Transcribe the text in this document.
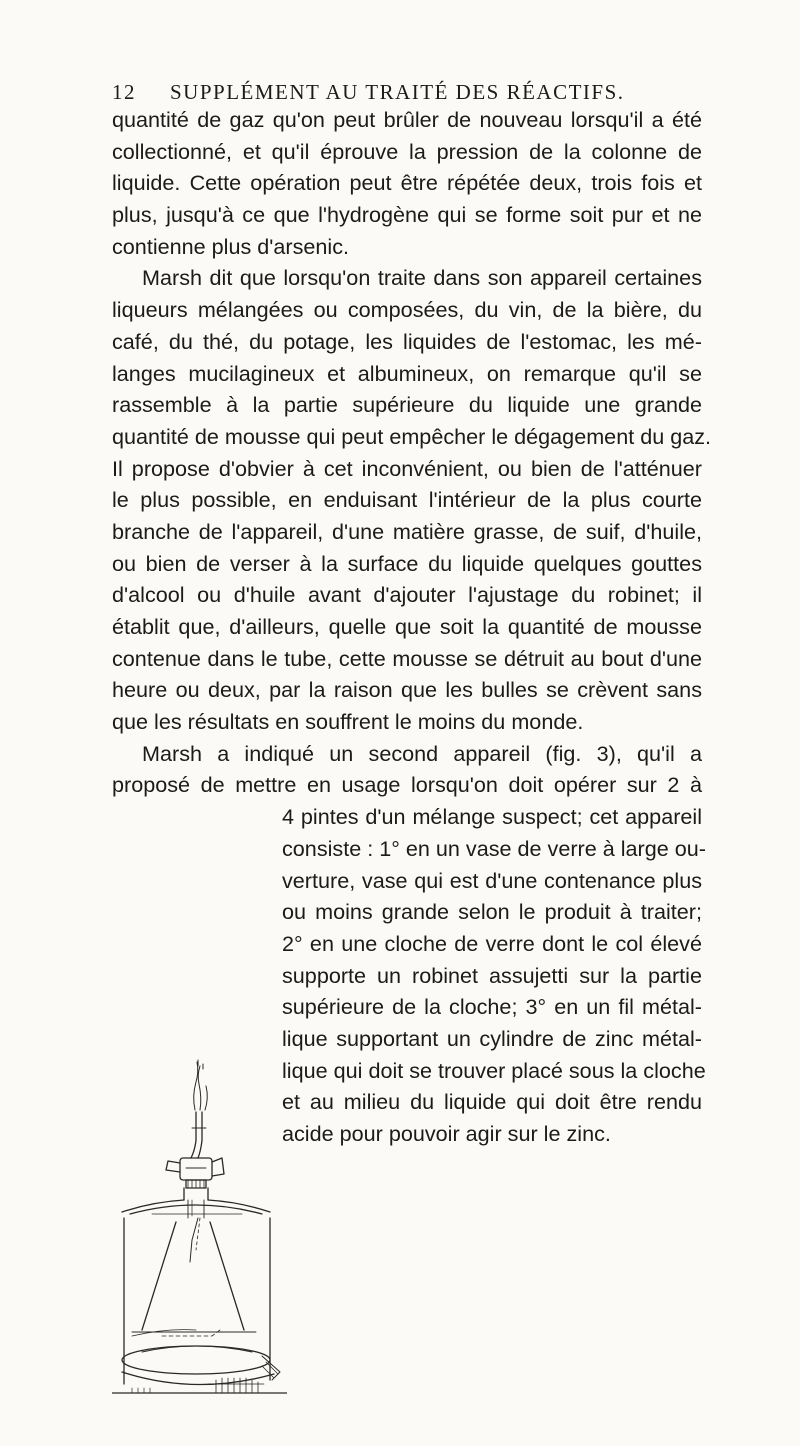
12 SUPPLÉMENT AU TRAITÉ DES RÉACTIFS.
quantité de gaz qu'on peut brûler de nouveau lorsqu'il a été
collectionné, et qu'il éprouve la pression de la colonne de
liquide. Cette opération peut être répétée deux, trois fois et
plus, jusqu'à ce que l'hydrogène qui se forme soit pur et ne
contienne plus d'arsenic.
Marsh dit que lorsqu'on traite dans son appareil certaines
liqueurs mélangées ou composées, du vin, de la bière, du
café, du thé, du potage, les liquides de l'estomac, les mé-
langes mucilagineux et albumineux, on remarque qu'il se
rassemble à la partie supérieure du liquide une grande
quantité de mousse qui peut empêcher le dégagement du gaz.
Il propose d'obvier à cet inconvénient, ou bien de l'atténuer
le plus possible, en enduisant l'intérieur de la plus courte
branche de l'appareil, d'une matière grasse, de suif, d'huile,
ou bien de verser à la surface du liquide quelques gouttes
d'alcool ou d'huile avant d'ajouter l'ajustage du robinet; il
établit que, d'ailleurs, quelle que soit la quantité de mousse
contenue dans le tube, cette mousse se détruit au bout d'une
heure ou deux, par la raison que les bulles se crèvent sans
que les résultats en souffrent le moins du monde.
Marsh a indiqué un second appareil (fig. 3), qu'il a
proposé de mettre en usage lorsqu'on doit opérer sur 2 à
4 pintes d'un mélange suspect; cet appareil
consiste : 1° en un vase de verre à large ou-
verture, vase qui est d'une contenance plus
ou moins grande selon le produit à traiter;
2° en une cloche de verre dont le col élevé
supporte un robinet assujetti sur la partie
supérieure de la cloche; 3° en un fil métal-
lique supportant un cylindre de zinc métal-
lique qui doit se trouver placé sous la cloche
et au milieu du liquide qui doit être rendu
acide pour pouvoir agir sur le zinc.
